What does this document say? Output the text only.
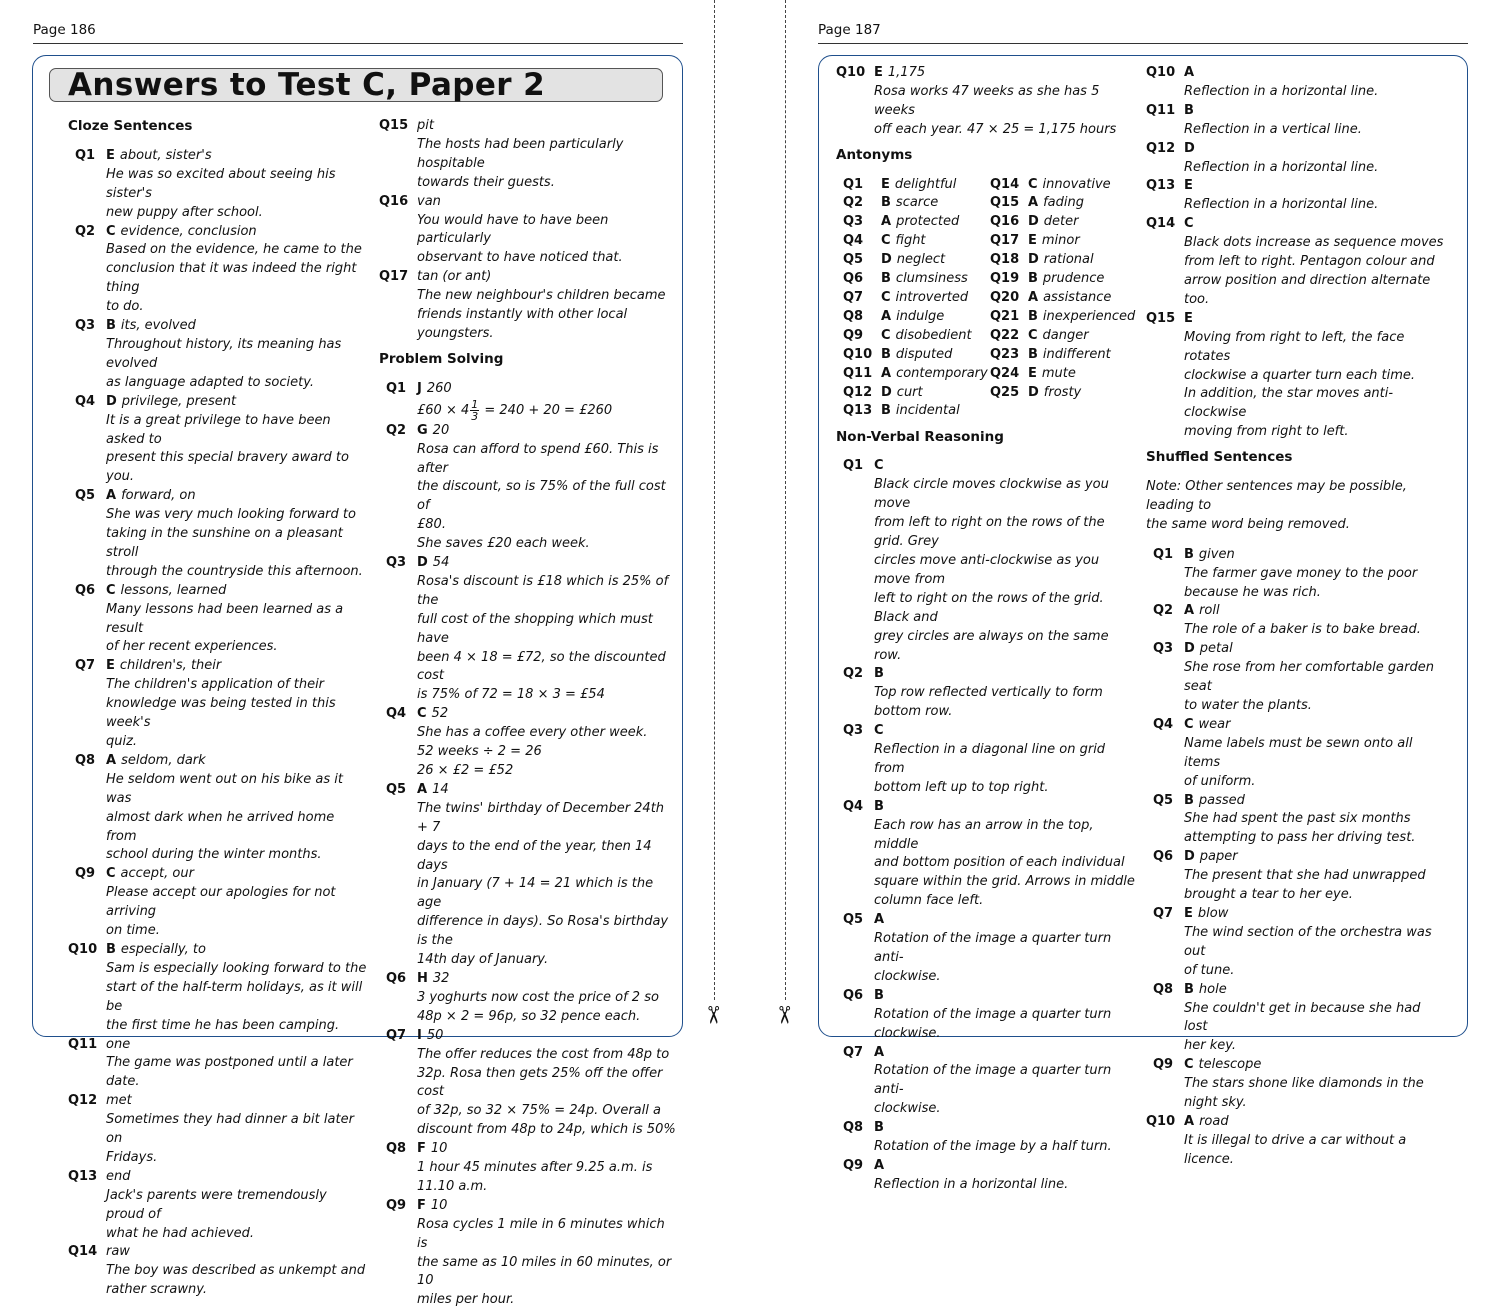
Page 186	Page 187
✂ ✂
Answers to Test C, Paper 2
Cloze Sentences
Q1 E about, sister's
He was so excited about seeing his sister's
new puppy after school.
Q2 C evidence, conclusion
Based on the evidence, he came to the
conclusion that it was indeed the right thing
to do.
Q3 B its, evolved
Throughout history, its meaning has evolved
as language adapted to society.
Q4 D privilege, present
It is a great privilege to have been asked to
present this special bravery award to you.
Q5 A forward, on
She was very much looking forward to
taking in the sunshine on a pleasant stroll
through the countryside this afternoon.
Q6 C lessons, learned
Many lessons had been learned as a result
of her recent experiences.
Q7 E children's, their
The children's application of their
knowledge was being tested in this week's
quiz.
Q8 A seldom, dark
He seldom went out on his bike as it was
almost dark when he arrived home from
school during the winter months.
Q9 C accept, our
Please accept our apologies for not arriving
on time.
Q10 B especially, to
Sam is especially looking forward to the
start of the half-term holidays, as it will be
the first time he has been camping.
Q11 one
The game was postponed until a later date.
Q12 met
Sometimes they had dinner a bit later on
Fridays.
Q13 end
Jack's parents were tremendously proud of
what he had achieved.
Q14 raw
The boy was described as unkempt and
rather scrawny.
Q15 pit
The hosts had been particularly hospitable
towards their guests.
Q16 van
You would have to have been particularly
observant to have noticed that.
Q17 tan (or ant)
The new neighbour's children became
friends instantly with other local youngsters.
Problem Solving
Q1 J 260
£60 × $4 \frac{1}{3} = 240 + 20$ = £260
Q2 G 20
Rosa can afford to spend £60. This is after
the discount, so is 75% of the full cost of
£80.
She saves £20 each week.
Q3 D 54
Rosa's discount is £18 which is 25% of the
full cost of the shopping which must have
been 4 × 18 = £72, so the discounted cost
is 75% of 72 = 18 × 3 = £54
Q4 C 52
She has a coffee every other week.
52 weeks ÷ 2 = 26
26 × £2 = £52
Q5 A 14
The twins' birthday of December 24th + 7
days to the end of the year, then 14 days
in January (7 + 14 = 21 which is the age
difference in days). So Rosa's birthday is the
14th day of January.
Q6 H 32
3 yoghurts now cost the price of 2 so
48p × 2 = 96p, so 32 pence each.
Q7 I 50
The offer reduces the cost from 48p to
32p. Rosa then gets 25% off the offer cost
of 32p, so 32 × 75% = 24p. Overall a
discount from 48p to 24p, which is 50%
Q8 F 10
1 hour 45 minutes after 9.25 a.m. is
11.10 a.m.
Q9 F 10
Rosa cycles 1 mile in 6 minutes which is
the same as 10 miles in 60 minutes, or 10
miles per hour.
Q10 E 1,175
Rosa works 47 weeks as she has 5 weeks
off each year. 47 × 25 = 1,175 hours
Antonyms
Q1 E delightful
Q2 B scarce
Q3 A protected
Q4 C fight
Q5 D neglect
Q6 B clumsiness
Q7 C introverted
Q8 A indulge
Q9 C disobedient
Q10 B disputed
Q11 A contemporary
Q12 D curt
Q13 B incidental
Q14 C innovative
Q15 A fading
Q16 D deter
Q17 E minor
Q18 D rational
Q19 B prudence
Q20 A assistance
Q21 B inexperienced
Q22 C danger
Q23 B indifferent
Q24 E mute
Q25 D frosty
Non-Verbal Reasoning
Q1 C
Black circle moves clockwise as you move
from left to right on the rows of the grid. Grey
circles move anti-clockwise as you move from
left to right on the rows of the grid. Black and
grey circles are always on the same row.
Q2 B
Top row reflected vertically to form
bottom row.
Q3 C
Reflection in a diagonal line on grid from
bottom left up to top right.
Q4 B
Each row has an arrow in the top, middle
and bottom position of each individual
square within the grid. Arrows in middle
column face left.
Q5 A
Rotation of the image a quarter turn anti-
clockwise.
Q6 B
Rotation of the image a quarter turn
clockwise.
Q7 A
Rotation of the image a quarter turn anti-
clockwise.
Q8 B
Rotation of the image by a half turn.
Q9 A
Reflection in a horizontal line.
Q10 A
Reflection in a horizontal line.
Q11 B
Reflection in a vertical line.
Q12 D
Reflection in a horizontal line.
Q13 E
Reflection in a horizontal line.
Q14 C
Black dots increase as sequence moves
from left to right. Pentagon colour and
arrow position and direction alternate too.
Q15 E
Moving from right to left, the face rotates
clockwise a quarter turn each time.
In addition, the star moves anti-clockwise
moving from right to left.
Shuffled Sentences
Note: Other sentences may be possible, leading to
the same word being removed.
Q1 B given
The farmer gave money to the poor
because he was rich.
Q2 A roll
The role of a baker is to bake bread.
Q3 D petal
She rose from her comfortable garden seat
to water the plants.
Q4 C wear
Name labels must be sewn onto all items
of uniform.
Q5 B passed
She had spent the past six months
attempting to pass her driving test.
Q6 D paper
The present that she had unwrapped
brought a tear to her eye.
Q7 E blow
The wind section of the orchestra was out
of tune.
Q8 B hole
She couldn't get in because she had lost
her key.
Q9 C telescope
The stars shone like diamonds in the
night sky.
Q10 A road
It is illegal to drive a car without a licence.
